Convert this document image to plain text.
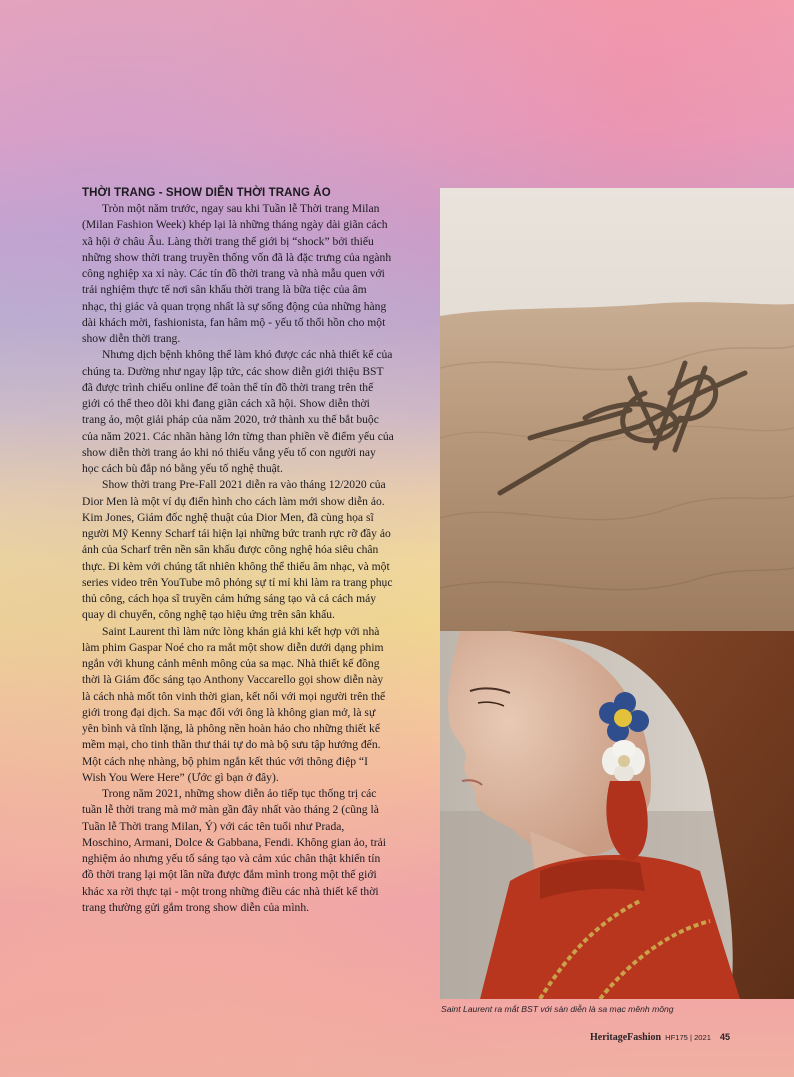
THỜI TRANG - SHOW DIỄN THỜI TRANG ẢO

Tròn một năm trước, ngay sau khi Tuần lễ Thời trang Milan (Milan Fashion Week) khép lại là những tháng ngày dài giãn cách xã hội ở châu Âu. Làng thời trang thế giới bị “shock” bởi thiếu những show thời trang truyền thống vốn đã là đặc trưng của ngành công nghiệp xa xỉ này. Các tín đồ thời trang và nhà mẫu quen với trải nghiệm thực tế nơi sân khấu thời trang là bữa tiệc của âm nhạc, thị giác và quan trọng nhất là sự sống động của những hàng dài khách mời, fashionista, fan hâm mộ - yếu tố thổi hồn cho một show diễn thời trang.

Nhưng dịch bệnh không thể làm khó được các nhà thiết kế của chúng ta. Dường như ngay lập tức, các show diễn giới thiệu BST đã được trình chiếu online để toàn thể tín đồ thời trang trên thế giới có thể theo dõi khi đang giãn cách xã hội. Show diễn thời trang ảo, một giải pháp của năm 2020, trở thành xu thế bắt buộc của năm 2021. Các nhãn hàng lớn từng than phiền về điểm yếu của show diễn thời trang ảo khi nó thiếu vắng yếu tố con người nay học cách bù đắp nó bằng yếu tố nghệ thuật.

Show thời trang Pre-Fall 2021 diễn ra vào tháng 12/2020 của Dior Men là một ví dụ điển hình cho cách làm mới show diễn ảo. Kim Jones, Giám đốc nghệ thuật của Dior Men, đã cùng họa sĩ người Mỹ Kenny Scharf tái hiện lại những bức tranh rực rỡ đầy ảo ảnh của Scharf trên nền sân khấu được công nghệ hóa siêu chân thực. Đi kèm với chúng tất nhiên không thể thiếu âm nhạc, và một series video trên YouTube mô phỏng sự tỉ mỉ khi làm ra trang phục thủ công, cách họa sĩ truyền cảm hứng sáng tạo và cả cách máy quay di chuyển, công nghệ tạo hiệu ứng trên sân khấu.

Saint Laurent thì làm nức lòng khán giả khi kết hợp với nhà làm phim Gaspar Noé cho ra mắt một show diễn dưới dạng phim ngắn với khung cảnh mênh mông của sa mạc. Nhà thiết kế đồng thời là Giám đốc sáng tạo Anthony Vaccarello gọi show diễn này là cách nhà mốt tôn vinh thời gian, kết nối với mọi người trên thế giới trong đại dịch. Sa mạc đối với ông là không gian mở, là sự yên bình và tĩnh lặng, là phông nền hoàn hảo cho những thiết kế mềm mại, cho tinh thần thư thái tự do mà bộ sưu tập hướng đến. Một cách nhẹ nhàng, bộ phim ngắn kết thúc với thông điệp “I Wish You Were Here” (Ước gì bạn ở đây).

Trong năm 2021, những show diễn ảo tiếp tục thống trị các tuần lễ thời trang mà mở màn gần đây nhất vào tháng 2 (cũng là Tuần lễ Thời trang Milan, Ý) với các tên tuổi như Prada, Moschino, Armani, Dolce & Gabbana, Fendi. Không gian ảo, trải nghiệm ảo nhưng yếu tố sáng tạo và cảm xúc chân thật khiến tín đồ thời trang lại một lần nữa được đắm mình trong một thế giới khác xa rời thực tại - một trong những điều các nhà thiết kế thời trang thường gửi gắm trong show diễn của mình.

Saint Laurent ra mắt BST với sàn diễn là sa mạc mênh mông
HeritageFashion HF175 | 2021 45
